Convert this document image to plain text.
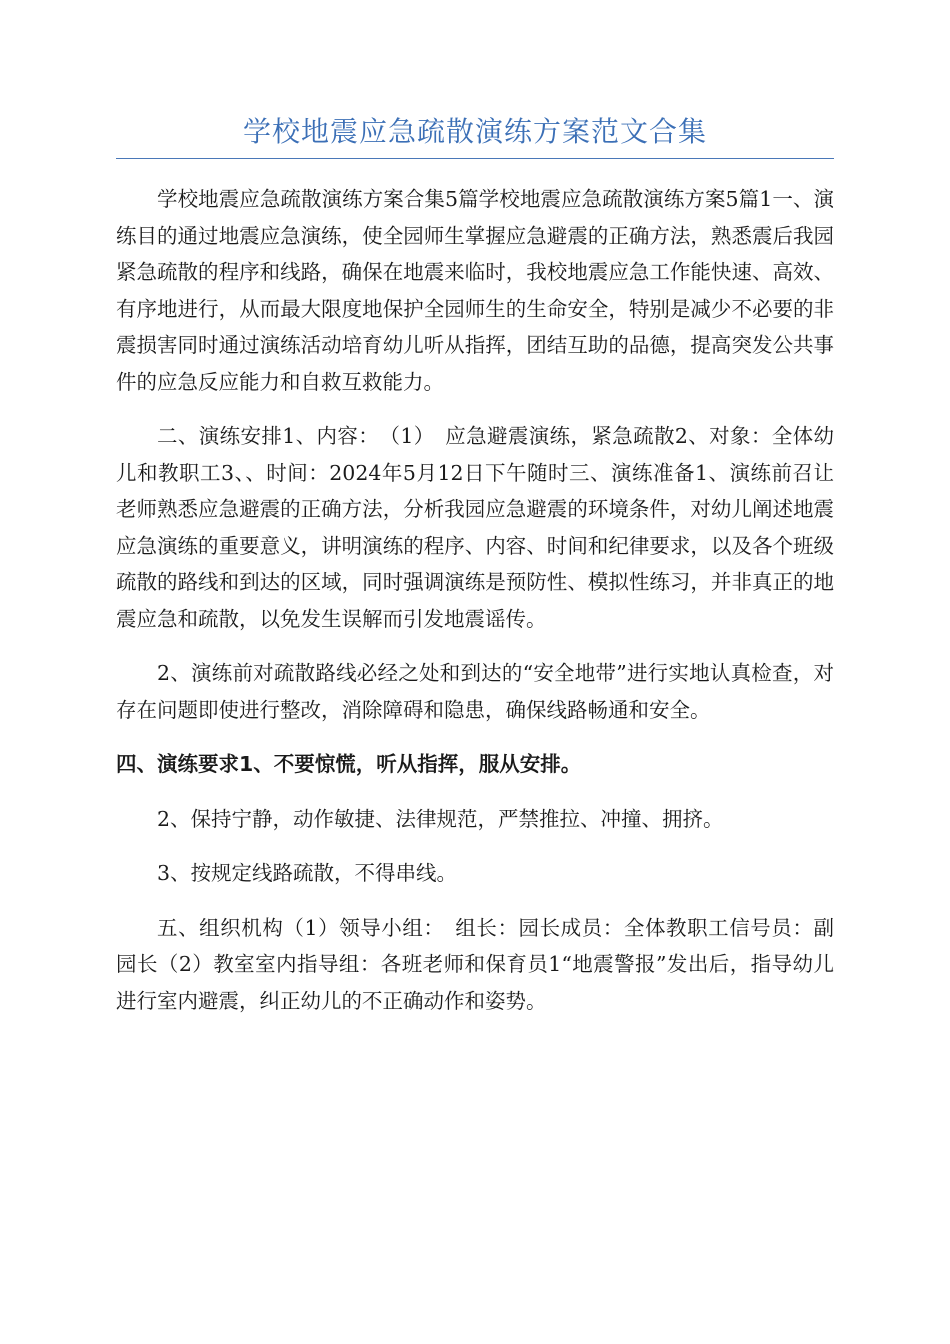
学校地震应急疏散演练方案范文合集

学校地震应急疏散演练方案合集5篇学校地震应急疏散演练方案5篇1一、演练目的通过地震应急演练，使全园师生掌握应急避震的正确方法，熟悉震后我园紧急疏散的程序和线路，确保在地震来临时，我校地震应急工作能快速、高效、有序地进行，从而最大限度地保护全园师生的生命安全，特别是减少不必要的非震损害同时通过演练活动培育幼儿听从指挥，团结互助的品德，提高突发公共事件的应急反应能力和自救互救能力。

二、演练安排1、内容：　（1）　应急避震演练，紧急疏散2、对象：全体幼儿和教职工3、、时间：2024年5月12日下午随时三、演练准备1、演练前召让老师熟悉应急避震的正确方法，分析我园应急避震的环境条件，对幼儿阐述地震应急演练的重要意义，讲明演练的程序、内容、时间和纪律要求，以及各个班级疏散的路线和到达的区域，同时强调演练是预防性、模拟性练习，并非真正的地震应急和疏散，以免发生误解而引发地震谣传。

2、演练前对疏散路线必经之处和到达的“安全地带”进行实地认真检查，对存在问题即使进行整改，消除障碍和隐患，确保线路畅通和安全。

四、演练要求1、不要惊慌，听从指挥，服从安排。

2、保持宁静，动作敏捷、法律规范，严禁推拉、冲撞、拥挤。

3、按规定线路疏散，不得串线。

五、组织机构（1）领导小组：　组长：园长成员：全体教职工信号员：副园长（2）教室室内指导组：各班老师和保育员1“地震警报”发出后，指导幼儿进行室内避震，纠正幼儿的不正确动作和姿势。
